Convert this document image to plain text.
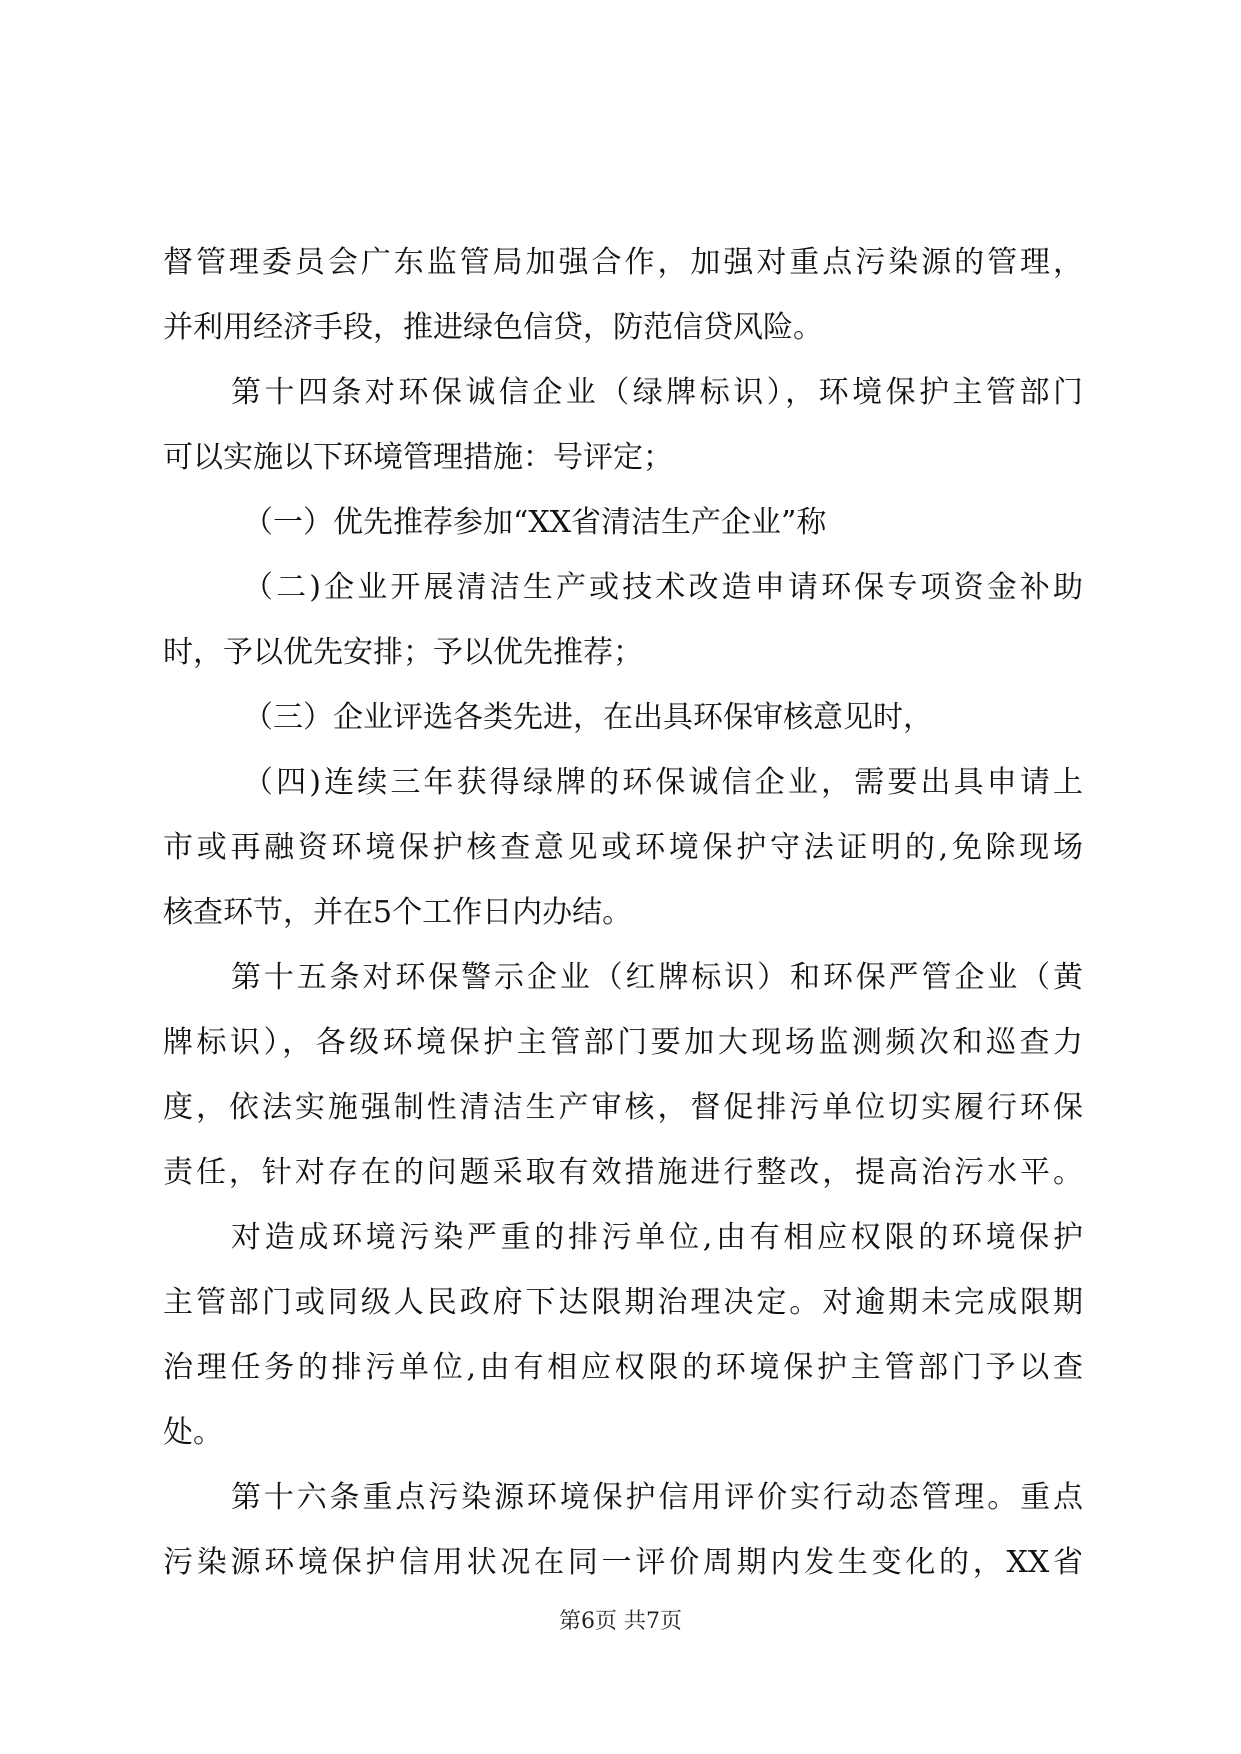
督管理委员会广东监管局加强合作，加强对重点污染源的管理，
并利用经济手段，推进绿色信贷，防范信贷风险。
第十四条对环保诚信企业（绿牌标识），环境保护主管部门
可以实施以下环境管理措施：号评定；
（一）优先推荐参加“XX省清洁生产企业”称
（二)企业开展清洁生产或技术改造申请环保专项资金补助
时，予以优先安排；予以优先推荐；
（三）企业评选各类先进，在出具环保审核意见时，
（四)连续三年获得绿牌的环保诚信企业，需要出具申请上
市或再融资环境保护核查意见或环境保护守法证明的,免除现场
核查环节，并在5个工作日内办结。
第十五条对环保警示企业（红牌标识）和环保严管企业（黄
牌标识），各级环境保护主管部门要加大现场监测频次和巡查力
度，依法实施强制性清洁生产审核，督促排污单位切实履行环保
责任，针对存在的问题采取有效措施进行整改，提高治污水平。
对造成环境污染严重的排污单位,由有相应权限的环境保护
主管部门或同级人民政府下达限期治理决定。对逾期未完成限期
治理任务的排污单位,由有相应权限的环境保护主管部门予以查
处。
第十六条重点污染源环境保护信用评价实行动态管理。重点
污染源环境保护信用状况在同一评价周期内发生变化的，XX省
第6页 共7页
